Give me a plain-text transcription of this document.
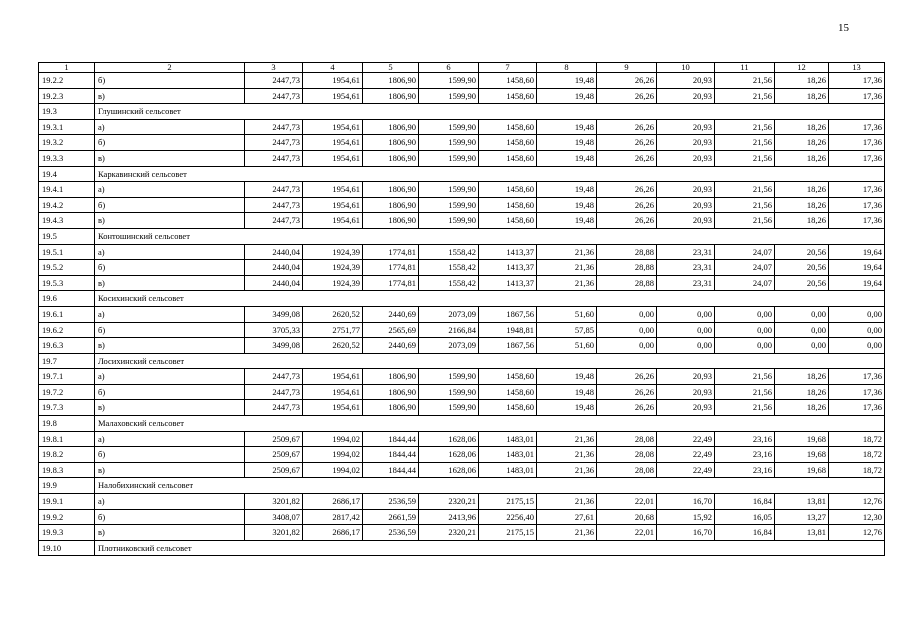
15
1	2	3	4	5	6	7	8	9	10	11	12	13
19.2.2	б)	2447,73	1954,61	1806,90	1599,90	1458,60	19,48	26,26	20,93	21,56	18,26	17,36
19.2.3	в)	2447,73	1954,61	1806,90	1599,90	1458,60	19,48	26,26	20,93	21,56	18,26	17,36
19.3	Глушинский сельсовет											
19.3.1	а)	2447,73	1954,61	1806,90	1599,90	1458,60	19,48	26,26	20,93	21,56	18,26	17,36
19.3.2	б)	2447,73	1954,61	1806,90	1599,90	1458,60	19,48	26,26	20,93	21,56	18,26	17,36
19.3.3	в)	2447,73	1954,61	1806,90	1599,90	1458,60	19,48	26,26	20,93	21,56	18,26	17,36
19.4	Каркавинский сельсовет											
19.4.1	а)	2447,73	1954,61	1806,90	1599,90	1458,60	19,48	26,26	20,93	21,56	18,26	17,36
19.4.2	б)	2447,73	1954,61	1806,90	1599,90	1458,60	19,48	26,26	20,93	21,56	18,26	17,36
19.4.3	в)	2447,73	1954,61	1806,90	1599,90	1458,60	19,48	26,26	20,93	21,56	18,26	17,36
19.5	Контошинский сельсовет											
19.5.1	а)	2440,04	1924,39	1774,81	1558,42	1413,37	21,36	28,88	23,31	24,07	20,56	19,64
19.5.2	б)	2440,04	1924,39	1774,81	1558,42	1413,37	21,36	28,88	23,31	24,07	20,56	19,64
19.5.3	в)	2440,04	1924,39	1774,81	1558,42	1413,37	21,36	28,88	23,31	24,07	20,56	19,64
19.6	Косихинский сельсовет											
19.6.1	а)	3499,08	2620,52	2440,69	2073,09	1867,56	51,60	0,00	0,00	0,00	0,00	0,00
19.6.2	б)	3705,33	2751,77	2565,69	2166,84	1948,81	57,85	0,00	0,00	0,00	0,00	0,00
19.6.3	в)	3499,08	2620,52	2440,69	2073,09	1867,56	51,60	0,00	0,00	0,00	0,00	0,00
19.7	Лосихинский сельсовет											
19.7.1	а)	2447,73	1954,61	1806,90	1599,90	1458,60	19,48	26,26	20,93	21,56	18,26	17,36
19.7.2	б)	2447,73	1954,61	1806,90	1599,90	1458,60	19,48	26,26	20,93	21,56	18,26	17,36
19.7.3	в)	2447,73	1954,61	1806,90	1599,90	1458,60	19,48	26,26	20,93	21,56	18,26	17,36
19.8	Малаховский сельсовет											
19.8.1	а)	2509,67	1994,02	1844,44	1628,06	1483,01	21,36	28,08	22,49	23,16	19,68	18,72
19.8.2	б)	2509,67	1994,02	1844,44	1628,06	1483,01	21,36	28,08	22,49	23,16	19,68	18,72
19.8.3	в)	2509,67	1994,02	1844,44	1628,06	1483,01	21,36	28,08	22,49	23,16	19,68	18,72
19.9	Налобихинский сельсовет											
19.9.1	а)	3201,82	2686,17	2536,59	2320,21	2175,15	21,36	22,01	16,70	16,84	13,81	12,76
19.9.2	б)	3408,07	2817,42	2661,59	2413,96	2256,40	27,61	20,68	15,92	16,05	13,27	12,30
19.9.3	в)	3201,82	2686,17	2536,59	2320,21	2175,15	21,36	22,01	16,70	16,84	13,81	12,76
19.10	Плотниковский сельсовет											
